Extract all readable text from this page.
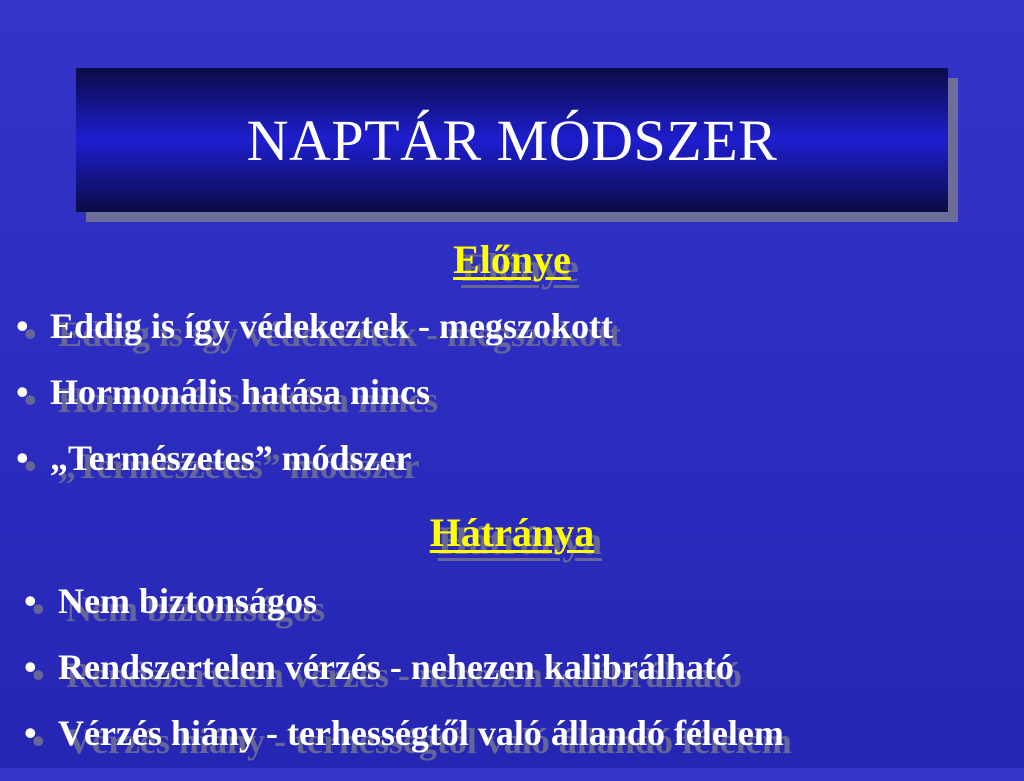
NAPTÁR MÓDSZER
Előnye
• Eddig is így védekeztek - megszokott
• Hormonális hatása nincs
• „Természetes” módszer
Hátránya
• Nem biztonságos
• Rendszertelen vérzés - nehezen kalibrálható
• Vérzés hiány - terhességtől való állandó félelem
